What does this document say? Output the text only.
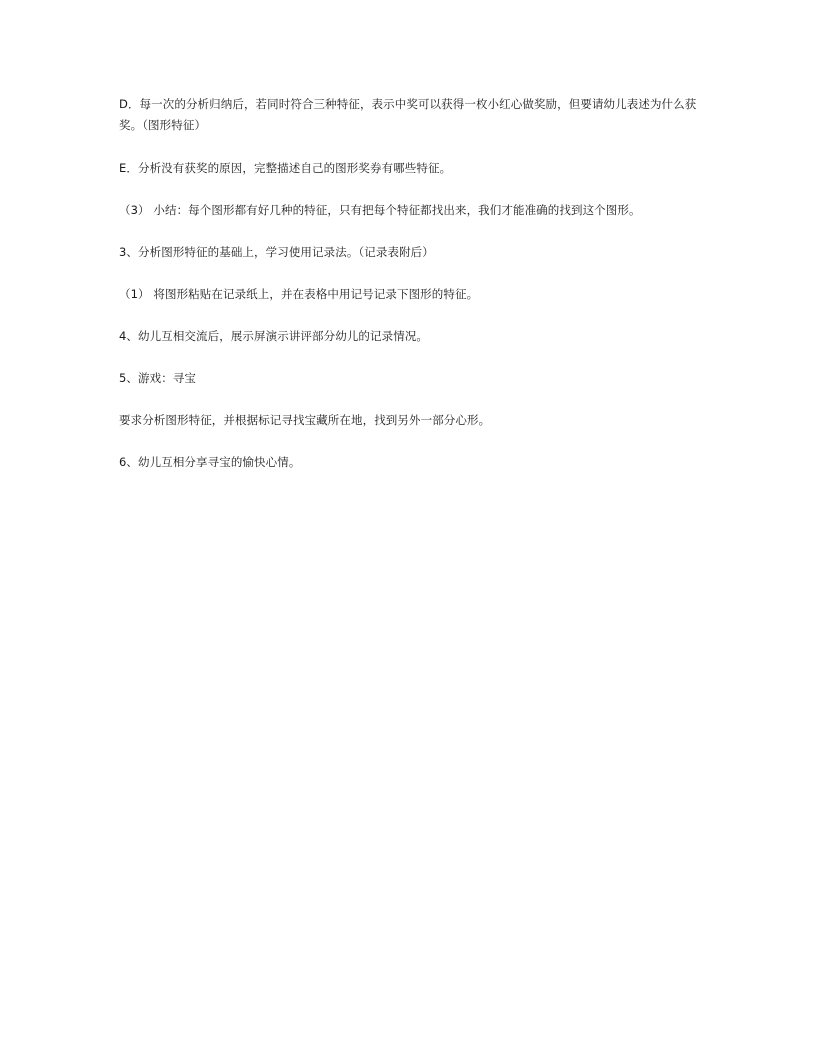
D．每一次的分析归纳后，若同时符合三种特征，表示中奖可以获得一枚小红心做奖励，但要请幼儿表述为什么获奖。（图形特征）

E．分析没有获奖的原因，完整描述自己的图形奖券有哪些特征。

（3） 小结：每个图形都有好几种的特征，只有把每个特征都找出来，我们才能准确的找到这个图形。

3、分析图形特征的基础上，学习使用记录法。（记录表附后）

（1） 将图形粘贴在记录纸上，并在表格中用记号记录下图形的特征。

4、幼儿互相交流后，展示屏演示讲评部分幼儿的记录情况。

5、游戏：寻宝

要求分析图形特征，并根据标记寻找宝藏所在地，找到另外一部分心形。

6、幼儿互相分享寻宝的愉快心情。
